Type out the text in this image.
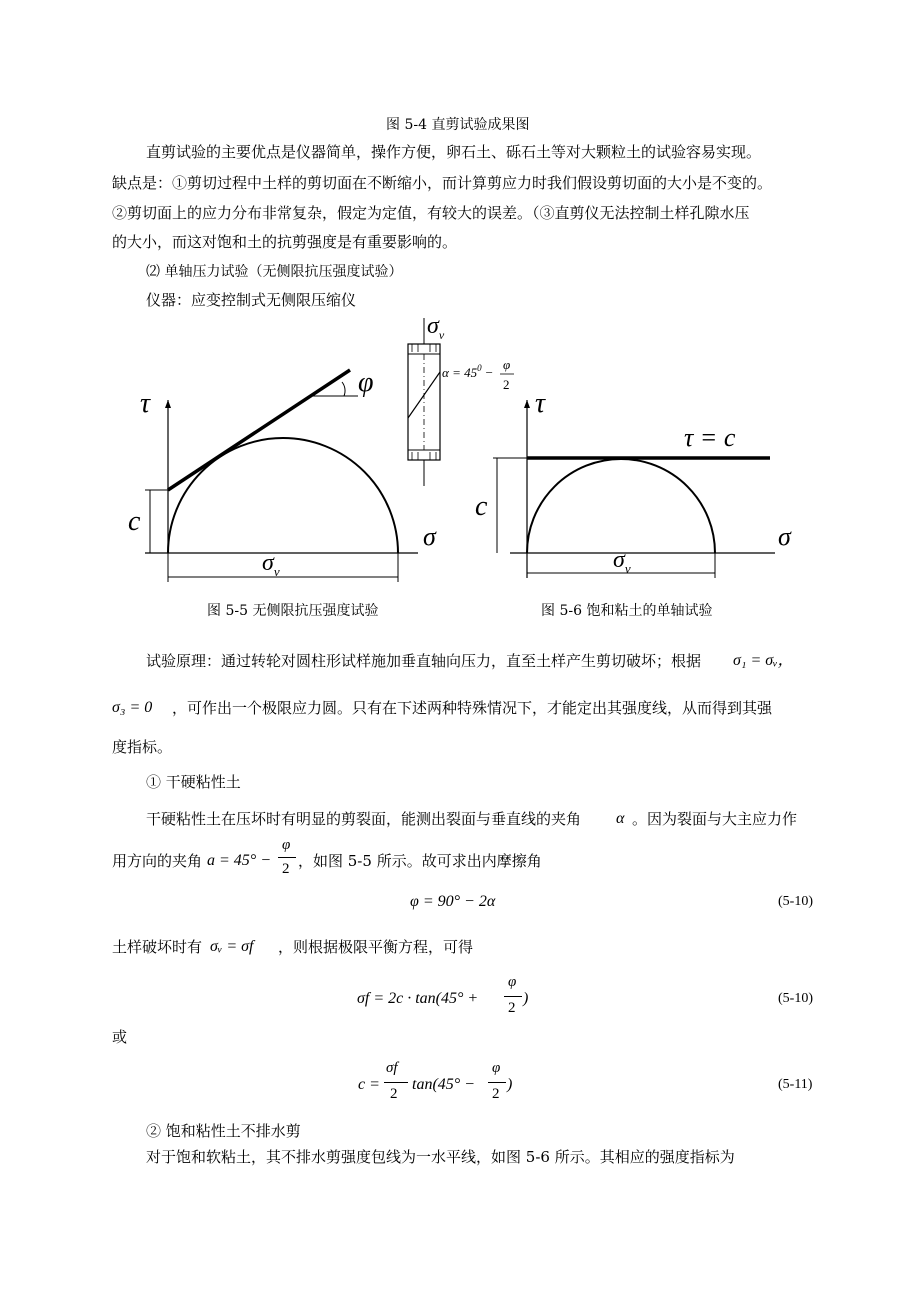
图 5-4 直剪试验成果图
直剪试验的主要优点是仪器简单，操作方便，卵石土、砾石土等对大颗粒土的试验容易实现。
缺点是：①剪切过程中土样的剪切面在不断缩小，而计算剪应力时我们假设剪切面的大小是不变的。
②剪切面上的应力分布非常复杂，假定为定值，有较大的误差。（③直剪仪无法控制土样孔隙水压
的大小，而这对饱和土的抗剪强度是有重要影响的。
⑵ 单轴压力试验（无侧限抗压强度试验）
仪器：应变控制式无侧限压缩仪
φ
c
τ
σ
$\sigma_v$
$\sigma_v$
$\alpha = 45^0$ −
φ
2
τ = c
c
τ
σ
$\sigma_v$
图 5-5 无侧限抗压强度试验	图 5-6 饱和粘土的单轴试验
试验原理：通过转轮对圆柱形试样施加垂直轴向压力，直至土样产生剪切破坏；根据 σ₁ = σᵥ，
σ₃ = 0 ，可作出一个极限应力圆。只有在下述两种特殊情况下，才能定出其强度线，从而得到其强
度指标。
① 干硬粘性土
干硬粘性土在压坏时有明显的剪裂面，能测出裂面与垂直线的夹角 α 。因为裂面与大主应力作
用方向的夹角 a = 45° −
φ
2 ，如图 5-5 所示。故可求出内摩擦角
φ = 90° − 2α	(5-10)
土样破坏时有 σᵥ = σf ，则根据极限平衡方程，可得
σf = 2c · tan(45° +
φ
2
)	(5-10)
或
c =
σf
2
tan(45° −
φ
2
)	(5-11)
② 饱和粘性土不排水剪
对于饱和软粘土，其不排水剪强度包线为一水平线，如图 5-6 所示。其相应的强度指标为
